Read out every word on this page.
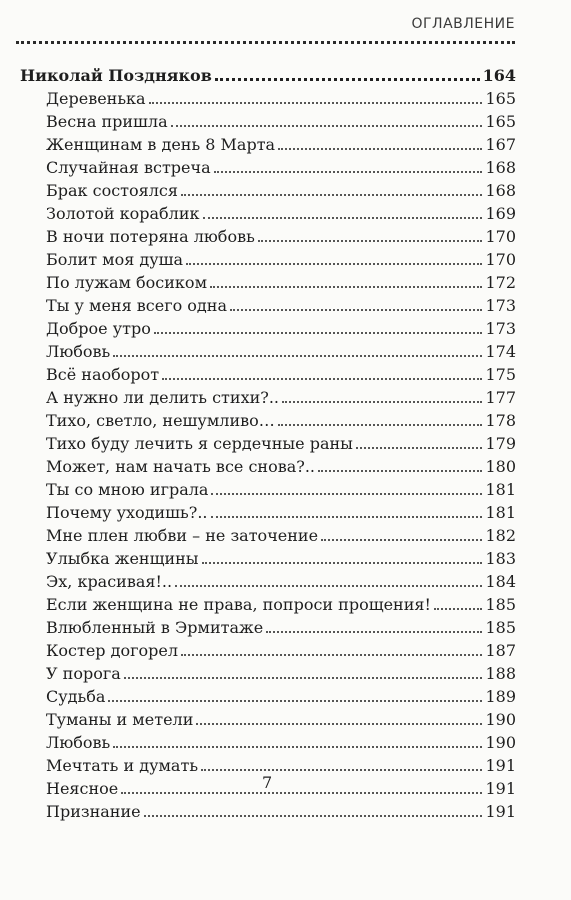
ОГЛАВЛЕНИЕ
Николай Поздняков	164
Деревенька	165
Весна пришла	165
Женщинам в день 8 Марта	167
Случайная встреча	168
Брак состоялся	168
Золотой кораблик	169
В ночи потеряна любовь	170
Болит моя душа	170
По лужам босиком	172
Ты у меня всего одна	173
Доброе утро	173
Любовь	174
Всё наоборот	175
А нужно ли делить стихи?..	177
Тихо, светло, нешумливо…	178
Тихо буду лечить я сердечные раны	179
Может, нам начать все снова?..	180
Ты со мною играла	181
Почему уходишь?..	181
Мне плен любви – не заточение	182
Улыбка женщины	183
Эх, красивая!..	184
Если женщина не права, попроси прощения!	185
Влюбленный в Эрмитаже	185
Костер догорел	187
У порога	188
Судьба	189
Туманы и метели	190
Любовь	190
Мечтать и думать	191
Неясное	191
Признание	191
7
